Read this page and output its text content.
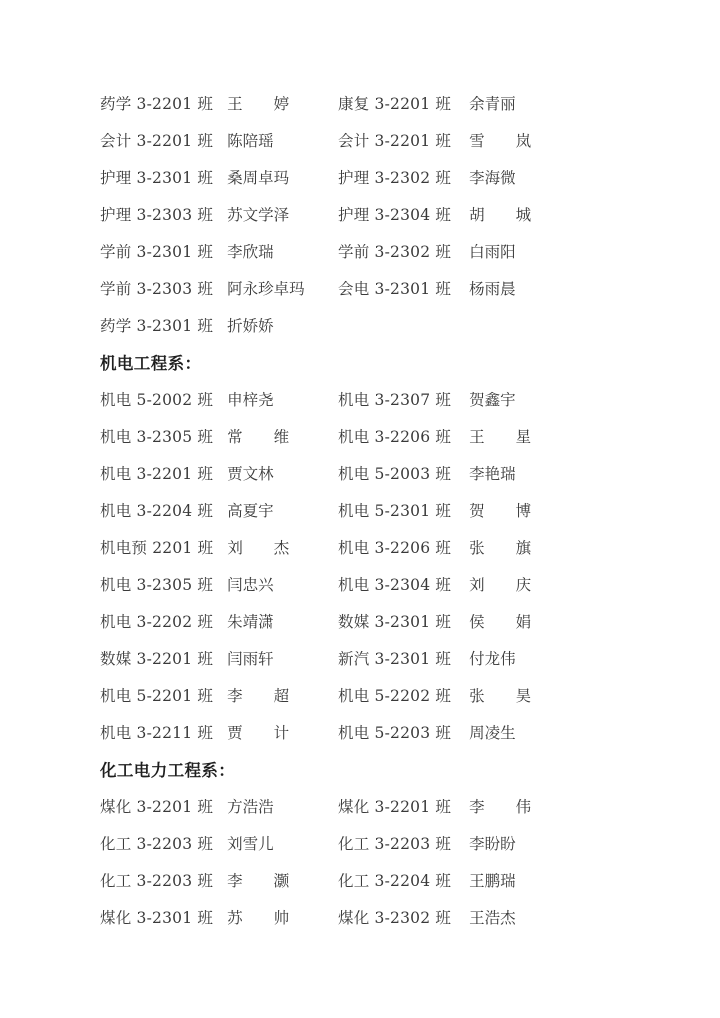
药学 3-2201 班 王 婷	康复 3-2201 班 余青丽
会计 3-2201 班 陈陪瑶	会计 3-2201 班 雪 岚
护理 3-2301 班 桑周卓玛	护理 3-2302 班 李海微
护理 3-2303 班 苏文学泽	护理 3-2304 班 胡 城
学前 3-2301 班 李欣瑞	学前 3-2302 班 白雨阳
学前 3-2303 班 阿永珍卓玛 会电 3-2301 班 杨雨晨
药学 3-2301 班 折娇娇
机电工程系：
机电 5-2002 班 申梓尧	机电 3-2307 班 贺鑫宇
机电 3-2305 班 常 维	机电 3-2206 班 王 星
机电 3-2201 班 贾文林	机电 5-2003 班 李艳瑞
机电 3-2204 班 高夏宇	机电 5-2301 班 贺 博
机电预 2201 班 刘 杰	机电 3-2206 班 张 旗
机电 3-2305 班 闫忠兴	机电 3-2304 班 刘 庆
机电 3-2202 班 朱靖潇	数媒 3-2301 班 侯 娟
数媒 3-2201 班 闫雨轩	新汽 3-2301 班 付龙伟
机电 5-2201 班 李 超	机电 5-2202 班 张 昊
机电 3-2211 班 贾 计	机电 5-2203 班 周凌生
化工电力工程系：
煤化 3-2201 班 方浩浩	煤化 3-2201 班 李 伟
化工 3-2203 班 刘雪儿	化工 3-2203 班 李盼盼
化工 3-2203 班 李 灏	化工 3-2204 班 王鹏瑞
煤化 3-2301 班 苏 帅	煤化 3-2302 班 王浩杰
